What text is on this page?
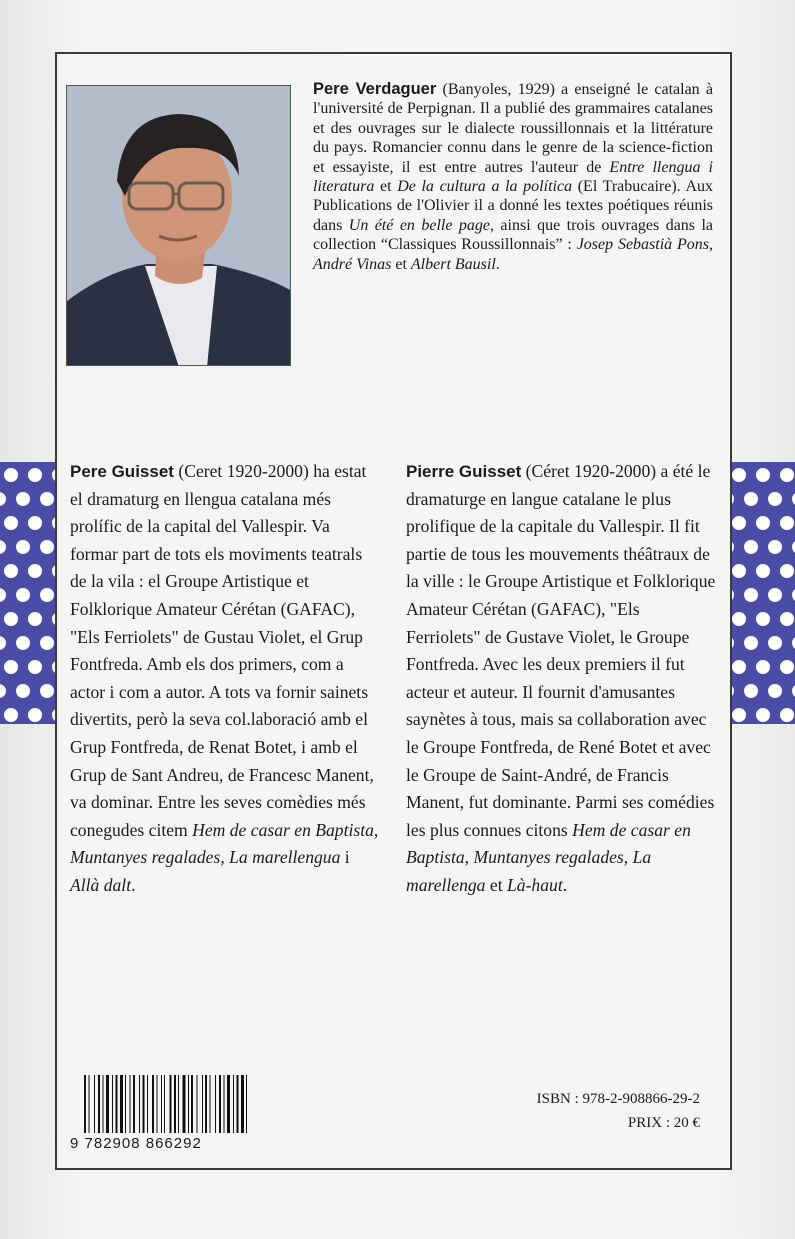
Pere Verdaguer (Banyoles, 1929) a enseigné le catalan à l'université de Perpignan. Il a publié des grammaires catalanes et des ouvrages sur le dialecte roussillonnais et la littérature du pays. Romancier connu dans le genre de la science-fiction et essayiste, il est entre autres l'auteur de Entre llengua i literatura et De la cultura a la política (El Trabucaire). Aux Publications de l'Olivier il a donné les textes poétiques réunis dans Un été en belle page, ainsi que trois ouvrages dans la collection “Classiques Roussillonnais” : Josep Sebastià Pons, André Vinas et Albert Bausil.
Pere Guisset (Ceret 1920-2000) ha estat el dramaturg en llengua catalana més prolífic de la capital del Vallespir. Va formar part de tots els moviments teatrals de la vila : el Groupe Artistique et Folklorique Amateur Cérétan (GAFAC), "Els Ferriolets" de Gustau Violet, el Grup Fontfreda. Amb els dos primers, com a actor i com a autor. A tots va fornir sainets divertits, però la seva col.laboració amb el Grup Fontfreda, de Renat Botet, i amb el Grup de Sant Andreu, de Francesc Manent, va dominar. Entre les seves comèdies més conegudes citem Hem de casar en Baptista, Muntanyes regalades, La marellengua i Allà dalt.
Pierre Guisset (Céret 1920-2000) a été le dramaturge en langue catalane le plus prolifique de la capitale du Vallespir. Il fit partie de tous les mouvements théâtraux de la ville : le Groupe Artistique et Folklorique Amateur Cérétan (GAFAC), "Els Ferriolets" de Gustave Violet, le Groupe Fontfreda. Avec les deux premiers il fut acteur et auteur. Il fournit d'amusantes saynètes à tous, mais sa collaboration avec le Groupe Fontfreda, de René Botet et avec le Groupe de Saint-André, de Francis Manent, fut dominante. Parmi ses comédies les plus connues citons Hem de casar en Baptista, Muntanyes regalades, La marellenga et Là-haut.
9 782908 866292
ISBN : 978-2-908866-29-2
PRIX : 20 €
